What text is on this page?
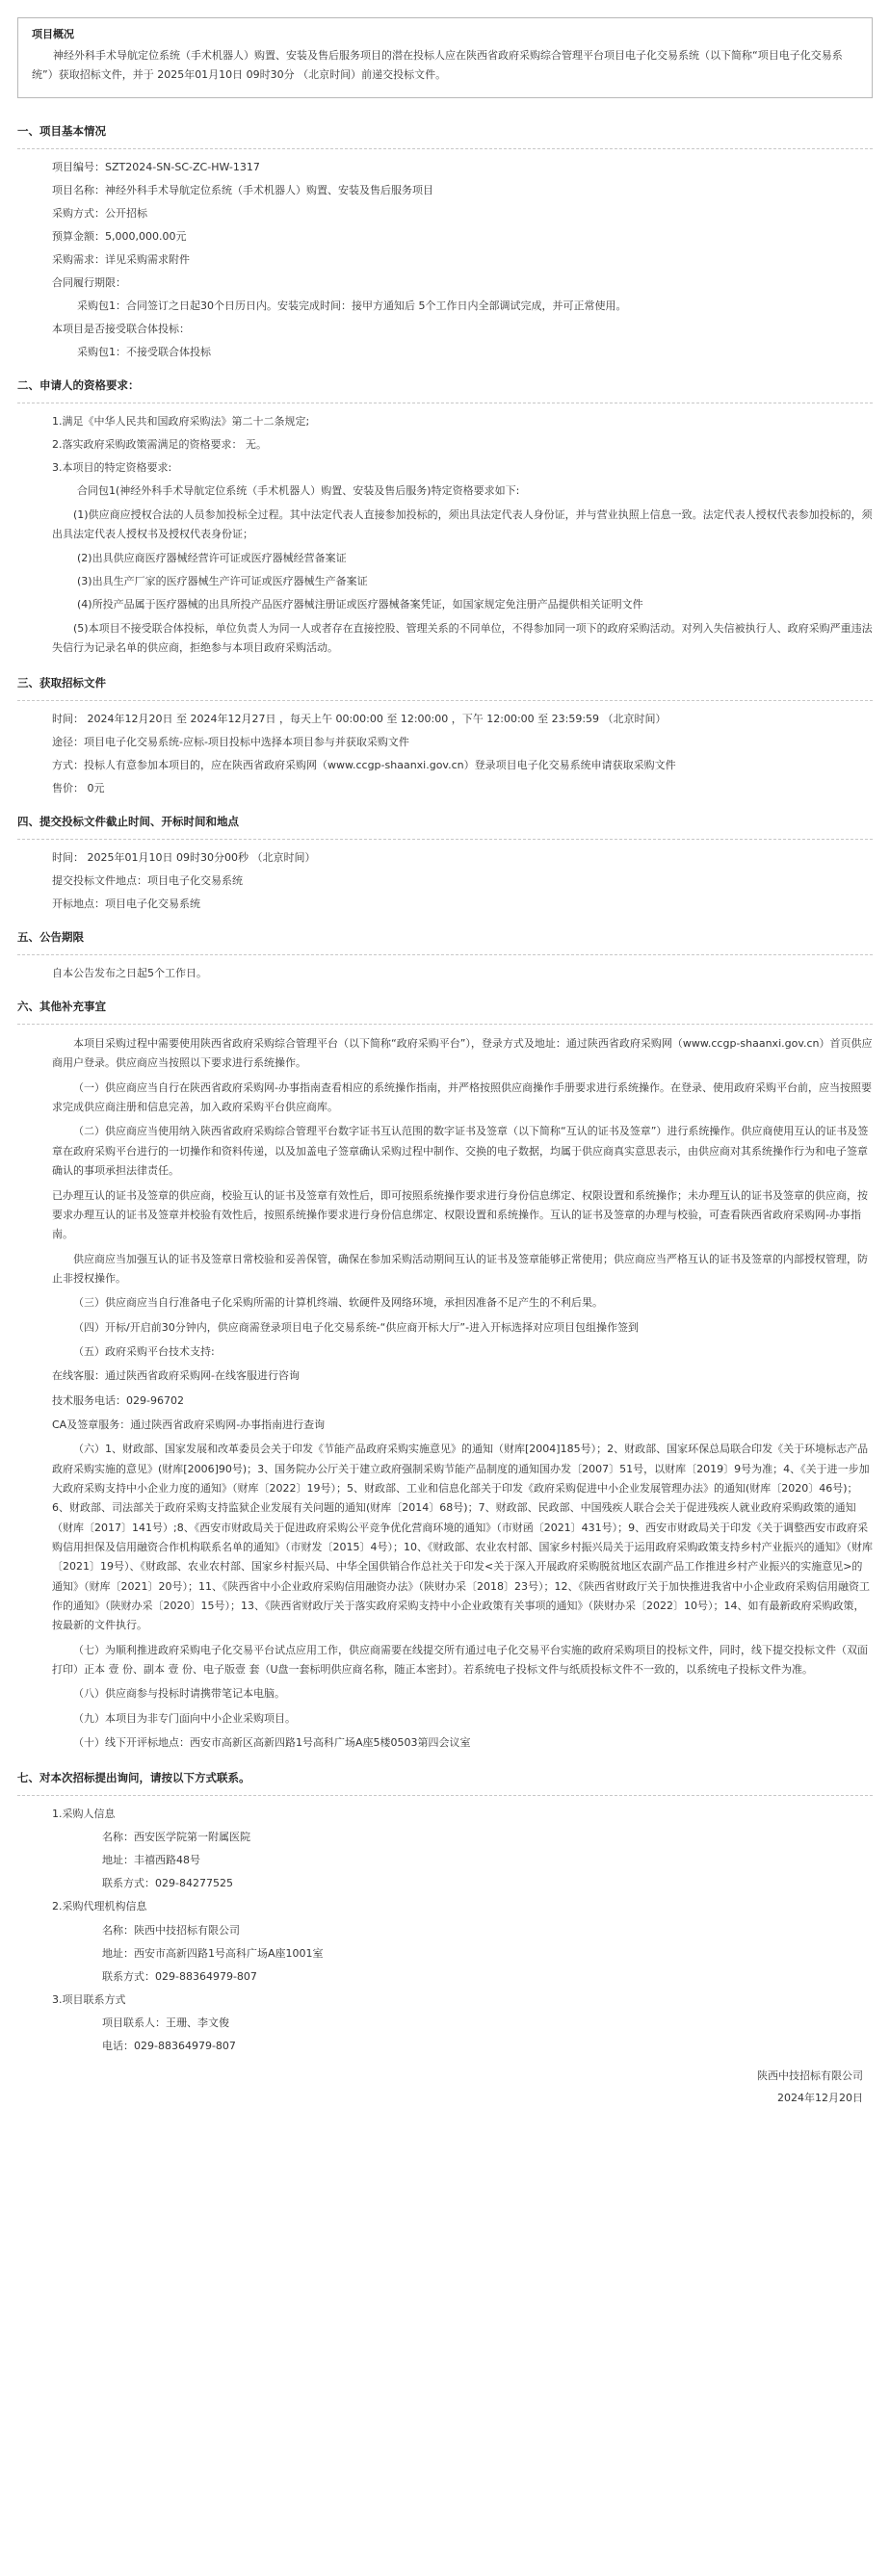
项目概况
神经外科手术导航定位系统（手术机器人）购置、安装及售后服务项目的潜在投标人应在陕西省政府采购综合管理平台项目电子化交易系统（以下简称“项目电子化交易系统”）获取招标文件，并于 2025年01月10日 09时30分 （北京时间）前递交投标文件。
一、项目基本情况
项目编号：SZT2024-SN-SC-ZC-HW-1317
项目名称：神经外科手术导航定位系统（手术机器人）购置、安装及售后服务项目
采购方式：公开招标
预算金额：5,000,000.00元
采购需求：详见采购需求附件
合同履行期限：
采购包1：合同签订之日起30个日历日内。安装完成时间：接甲方通知后 5个工作日内全部调试完成，并可正常使用。
本项目是否接受联合体投标：
采购包1：不接受联合体投标
二、申请人的资格要求：
1.满足《中华人民共和国政府采购法》第二十二条规定;
2.落实政府采购政策需满足的资格要求： 无。
3.本项目的特定资格要求:
合同包1(神经外科手术导航定位系统（手术机器人）购置、安装及售后服务)特定资格要求如下:
(1)供应商应授权合法的人员参加投标全过程。其中法定代表人直接参加投标的，须出具法定代表人身份证，并与营业执照上信息一致。法定代表人授权代表参加投标的，须出具法定代表人授权书及授权代表身份证；
(2)出具供应商医疗器械经营许可证或医疗器械经营备案证
(3)出具生产厂家的医疗器械生产许可证或医疗器械生产备案证
(4)所投产品属于医疗器械的出具所投产品医疗器械注册证或医疗器械备案凭证，如国家规定免注册产品提供相关证明文件
(5)本项目不接受联合体投标，单位负责人为同一人或者存在直接控股、管理关系的不同单位，不得参加同一项下的政府采购活动。对列入失信被执行人、政府采购严重违法失信行为记录名单的供应商，拒绝参与本项目政府采购活动。
三、获取招标文件
时间： 2024年12月20日 至 2024年12月27日 ，每天上午 00:00:00 至 12:00:00 ，下午 12:00:00 至 23:59:59 （北京时间）
途径：项目电子化交易系统-应标-项目投标中选择本项目参与并获取采购文件
方式：投标人有意参加本项目的，应在陕西省政府采购网（www.ccgp-shaanxi.gov.cn）登录项目电子化交易系统申请获取采购文件
售价： 0元
四、提交投标文件截止时间、开标时间和地点
时间： 2025年01月10日 09时30分00秒 （北京时间）
提交投标文件地点：项目电子化交易系统
开标地点：项目电子化交易系统
五、公告期限
自本公告发布之日起5个工作日。
六、其他补充事宜
本项目采购过程中需要使用陕西省政府采购综合管理平台（以下简称“政府采购平台”），登录方式及地址：通过陕西省政府采购网（www.ccgp-shaanxi.gov.cn）首页供应商用户登录。供应商应当按照以下要求进行系统操作。
（一）供应商应当自行在陕西省政府采购网-办事指南查看相应的系统操作指南，并严格按照供应商操作手册要求进行系统操作。在登录、使用政府采购平台前，应当按照要求完成供应商注册和信息完善，加入政府采购平台供应商库。
（二）供应商应当使用纳入陕西省政府采购综合管理平台数字证书互认范围的数字证书及签章（以下简称“互认的证书及签章”）进行系统操作。供应商使用互认的证书及签章在政府采购平台进行的一切操作和资料传递，以及加盖电子签章确认采购过程中制作、交换的电子数据，均属于供应商真实意思表示，由供应商对其系统操作行为和电子签章确认的事项承担法律责任。
已办理互认的证书及签章的供应商，校验互认的证书及签章有效性后，即可按照系统操作要求进行身份信息绑定、权限设置和系统操作；未办理互认的证书及签章的供应商，按要求办理互认的证书及签章并校验有效性后，按照系统操作要求进行身份信息绑定、权限设置和系统操作。互认的证书及签章的办理与校验，可查看陕西省政府采购网-办事指南。
供应商应当加强互认的证书及签章日常校验和妥善保管，确保在参加采购活动期间互认的证书及签章能够正常使用；供应商应当严格互认的证书及签章的内部授权管理，防止非授权操作。
（三）供应商应当自行准备电子化采购所需的计算机终端、软硬件及网络环境，承担因准备不足产生的不利后果。
（四）开标/开启前30分钟内，供应商需登录项目电子化交易系统-“供应商开标大厅”-进入开标选择对应项目包组操作签到
（五）政府采购平台技术支持:
在线客服：通过陕西省政府采购网-在线客服进行咨询
技术服务电话：029-96702
CA及签章服务：通过陕西省政府采购网-办事指南进行查询
（六）1、财政部、国家发展和改革委员会关于印发《节能产品政府采购实施意见》的通知（财库[2004]185号）；2、财政部、国家环保总局联合印发《关于环境标志产品政府采购实施的意见》(财库[2006]90号)；3、国务院办公厅关于建立政府强制采购节能产品制度的通知国办发〔2007〕51号，以财库〔2019〕9号为准；4、《关于进一步加大政府采购支持中小企业力度的通知》（财库〔2022〕19号）；5、财政部、工业和信息化部关于印发《政府采购促进中小企业发展管理办法》的通知(财库〔2020〕46号)；6、财政部、司法部关于政府采购支持监狱企业发展有关问题的通知(财库〔2014〕68号)；7、财政部、民政部、中国残疾人联合会关于促进残疾人就业政府采购政策的通知（财库〔2017〕141号）;8、《西安市财政局关于促进政府采购公平竞争优化营商环境的通知》（市财函〔2021〕431号）；9、西安市财政局关于印发《关于调整西安市政府采购信用担保及信用融资合作机构联系名单的通知》（市财发〔2015〕4号）；10、《财政部、农业农村部、国家乡村振兴局关于运用政府采购政策支持乡村产业振兴的通知》（财库〔2021〕19号）、《财政部、农业农村部、国家乡村振兴局、中华全国供销合作总社关于印发<关于深入开展政府采购脱贫地区农副产品工作推进乡村产业振兴的实施意见>的通知》（财库〔2021〕20号）；11、《陕西省中小企业政府采购信用融资办法》（陕财办采〔2018〕23号）；12、《陕西省财政厅关于加快推进我省中小企业政府采购信用融资工作的通知》（陕财办采〔2020〕15号）；13、《陕西省财政厅关于落实政府采购支持中小企业政策有关事项的通知》（陕财办采〔2022〕10号）；14、如有最新政府采购政策，按最新的文件执行。
（七）为顺利推进政府采购电子化交易平台试点应用工作，供应商需要在线提交所有通过电子化交易平台实施的政府采购项目的投标文件，同时，线下提交投标文件（双面打印）正本 壹 份、副本 壹 份、电子版壹 套（U盘一套标明供应商名称，随正本密封）。若系统电子投标文件与纸质投标文件不一致的，以系统电子投标文件为准。
（八）供应商参与投标时请携带笔记本电脑。
（九）本项目为非专门面向中小企业采购项目。
（十）线下开评标地点：西安市高新区高新四路1号高科广场A座5楼0503第四会议室
七、对本次招标提出询问，请按以下方式联系。
1.采购人信息
名称：西安医学院第一附属医院
地址：丰禧西路48号
联系方式：029-84277525
2.采购代理机构信息
名称：陕西中技招标有限公司
地址：西安市高新四路1号高科广场A座1001室
联系方式：029-88364979-807
3.项目联系方式
项目联系人：王珊、李文俊
电话：029-88364979-807
陕西中技招标有限公司
2024年12月20日
